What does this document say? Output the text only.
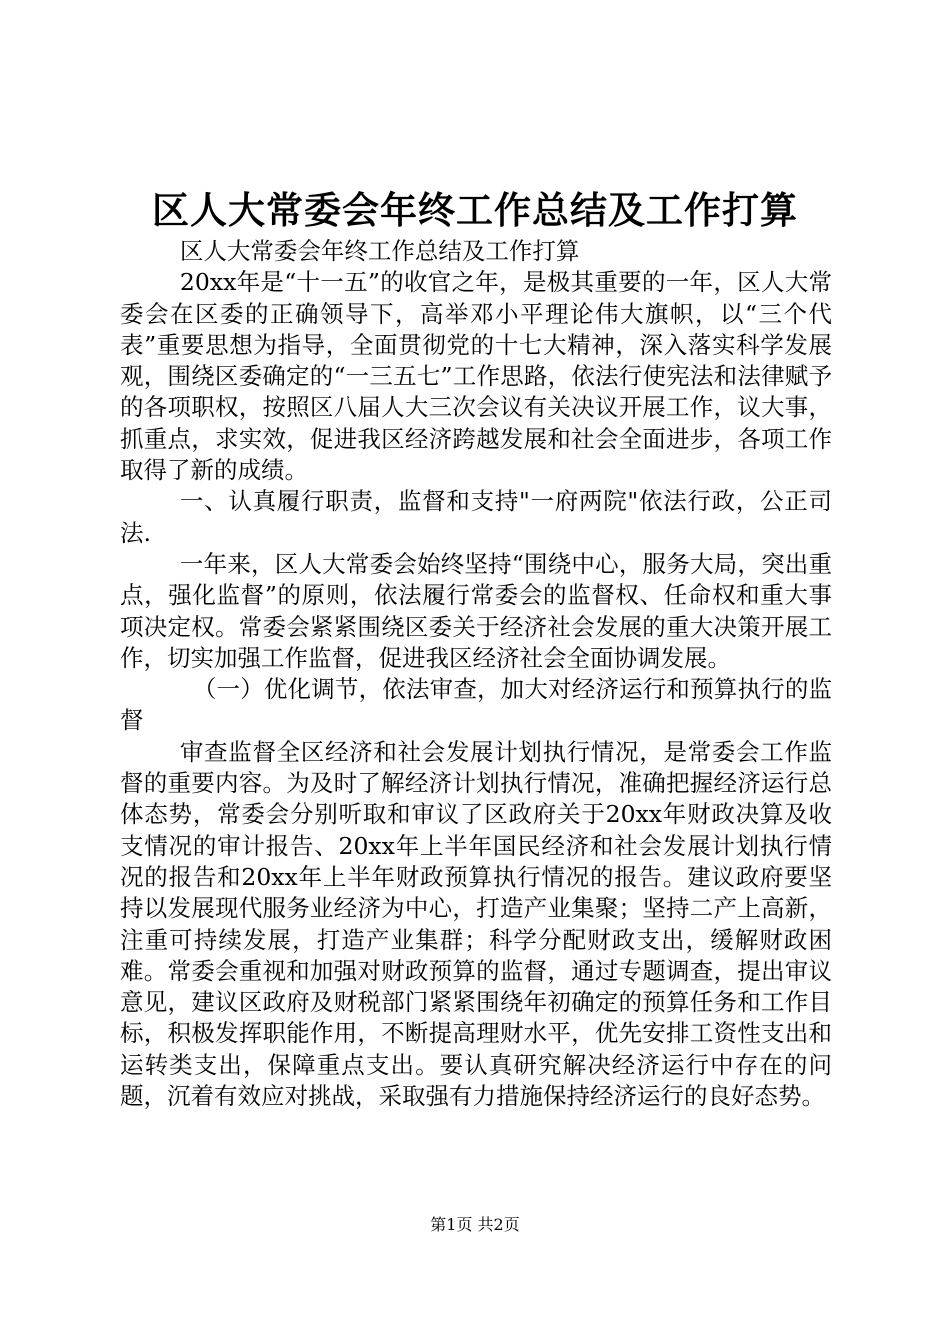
区人大常委会年终工作总结及工作打算

区人大常委会年终工作总结及工作打算

20xx年是“十一五”的收官之年，是极其重要的一年，区人大常委会在区委的正确领导下，高举邓小平理论伟大旗帜，以“三个代表”重要思想为指导，全面贯彻党的十七大精神，深入落实科学发展观，围绕区委确定的“一三五七”工作思路，依法行使宪法和法律赋予的各项职权，按照区八届人大三次会议有关决议开展工作，议大事，抓重点，求实效，促进我区经济跨越发展和社会全面进步，各项工作取得了新的成绩。

一、认真履行职责，监督和支持"一府两院"依法行政，公正司法.

一年来，区人大常委会始终坚持“围绕中心，服务大局，突出重点，强化监督”的原则，依法履行常委会的监督权、任命权和重大事项决定权。常委会紧紧围绕区委关于经济社会发展的重大决策开展工作，切实加强工作监督，促进我区经济社会全面协调发展。

（一）优化调节，依法审查，加大对经济运行和预算执行的监督

审查监督全区经济和社会发展计划执行情况，是常委会工作监督的重要内容。为及时了解经济计划执行情况，准确把握经济运行总体态势，常委会分别听取和审议了区政府关于20xx年财政决算及收支情况的审计报告、20xx年上半年国民经济和社会发展计划执行情况的报告和20xx年上半年财政预算执行情况的报告。建议政府要坚持以发展现代服务业经济为中心，打造产业集聚；坚持二产上高新，注重可持续发展，打造产业集群；科学分配财政支出，缓解财政困难。常委会重视和加强对财政预算的监督，通过专题调查，提出审议意见，建议区政府及财税部门紧紧围绕年初确定的预算任务和工作目标，积极发挥职能作用，不断提高理财水平，优先安排工资性支出和运转类支出，保障重点支出。要认真研究解决经济运行中存在的问题，沉着有效应对挑战，采取强有力措施保持经济运行的良好态势。

第1页 共2页
